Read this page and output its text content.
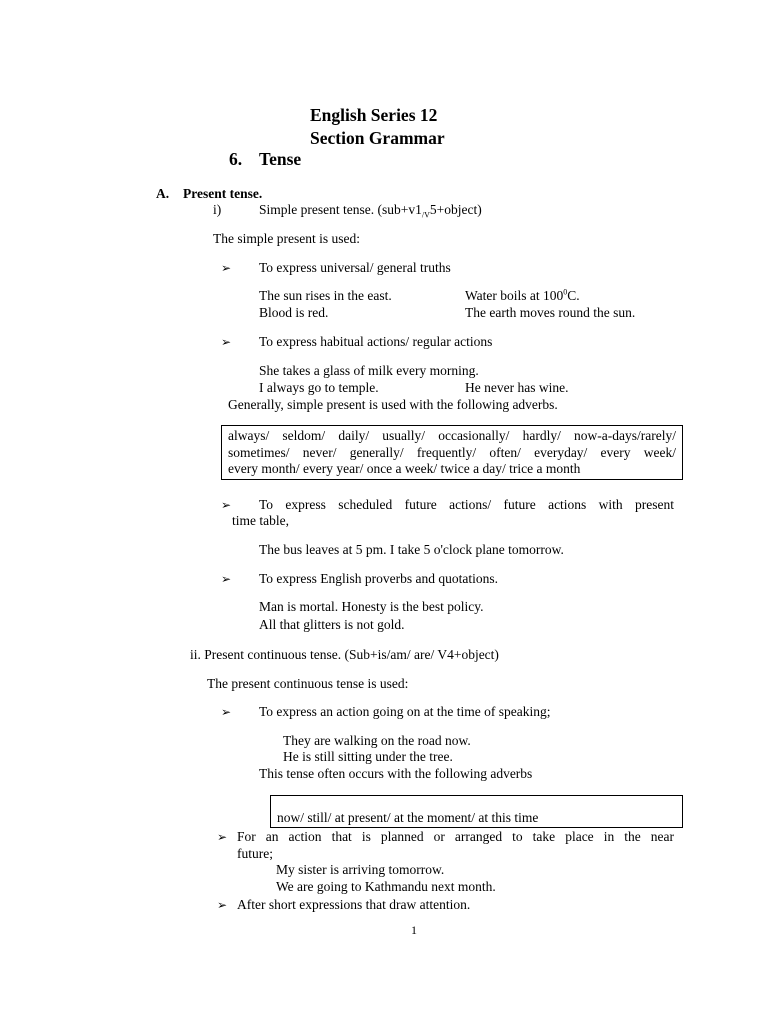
English Series 12
Section Grammar
6. Tense
A. Present tense.
i)	Simple present tense. $(sub+v1_{/V}5+object)$
The simple present is used:
➢ To express universal/ general truths
The sun rises in the east.	Water boils at $100^0C$.
Blood is red.	The earth moves round the sun.
➢ To express habitual actions/ regular actions
She takes a glass of milk every morning.
I always go to temple.	He never has wine.
Generally, simple present is used with the following adverbs.
always/ seldom/ daily/ usually/ occasionally/ hardly/ now-a-days/rarely/
sometimes/ never/ generally/ frequently/ often/ everyday/ every week/
every month/ every year/ once a week/ twice a day/ trice a month
➢ To express scheduled future actions/ future actions with present
time table,
The bus leaves at 5 pm. I take 5 o'clock plane tomorrow.
➢ To express English proverbs and quotations.
Man is mortal. Honesty is the best policy.
All that glitters is not gold.
ii. Present continuous tense. (Sub+is/am/ are/ V4+object)
The present continuous tense is used:
➢ To express an action going on at the time of speaking;
They are walking on the road now.
He is still sitting under the tree.
This tense often occurs with the following adverbs
now/ still/ at present/ at the moment/ at this time
➢ For an action that is planned or arranged to take place in the near
future;
My sister is arriving tomorrow.
We are going to Kathmandu next month.
➢ After short expressions that draw attention.
1
